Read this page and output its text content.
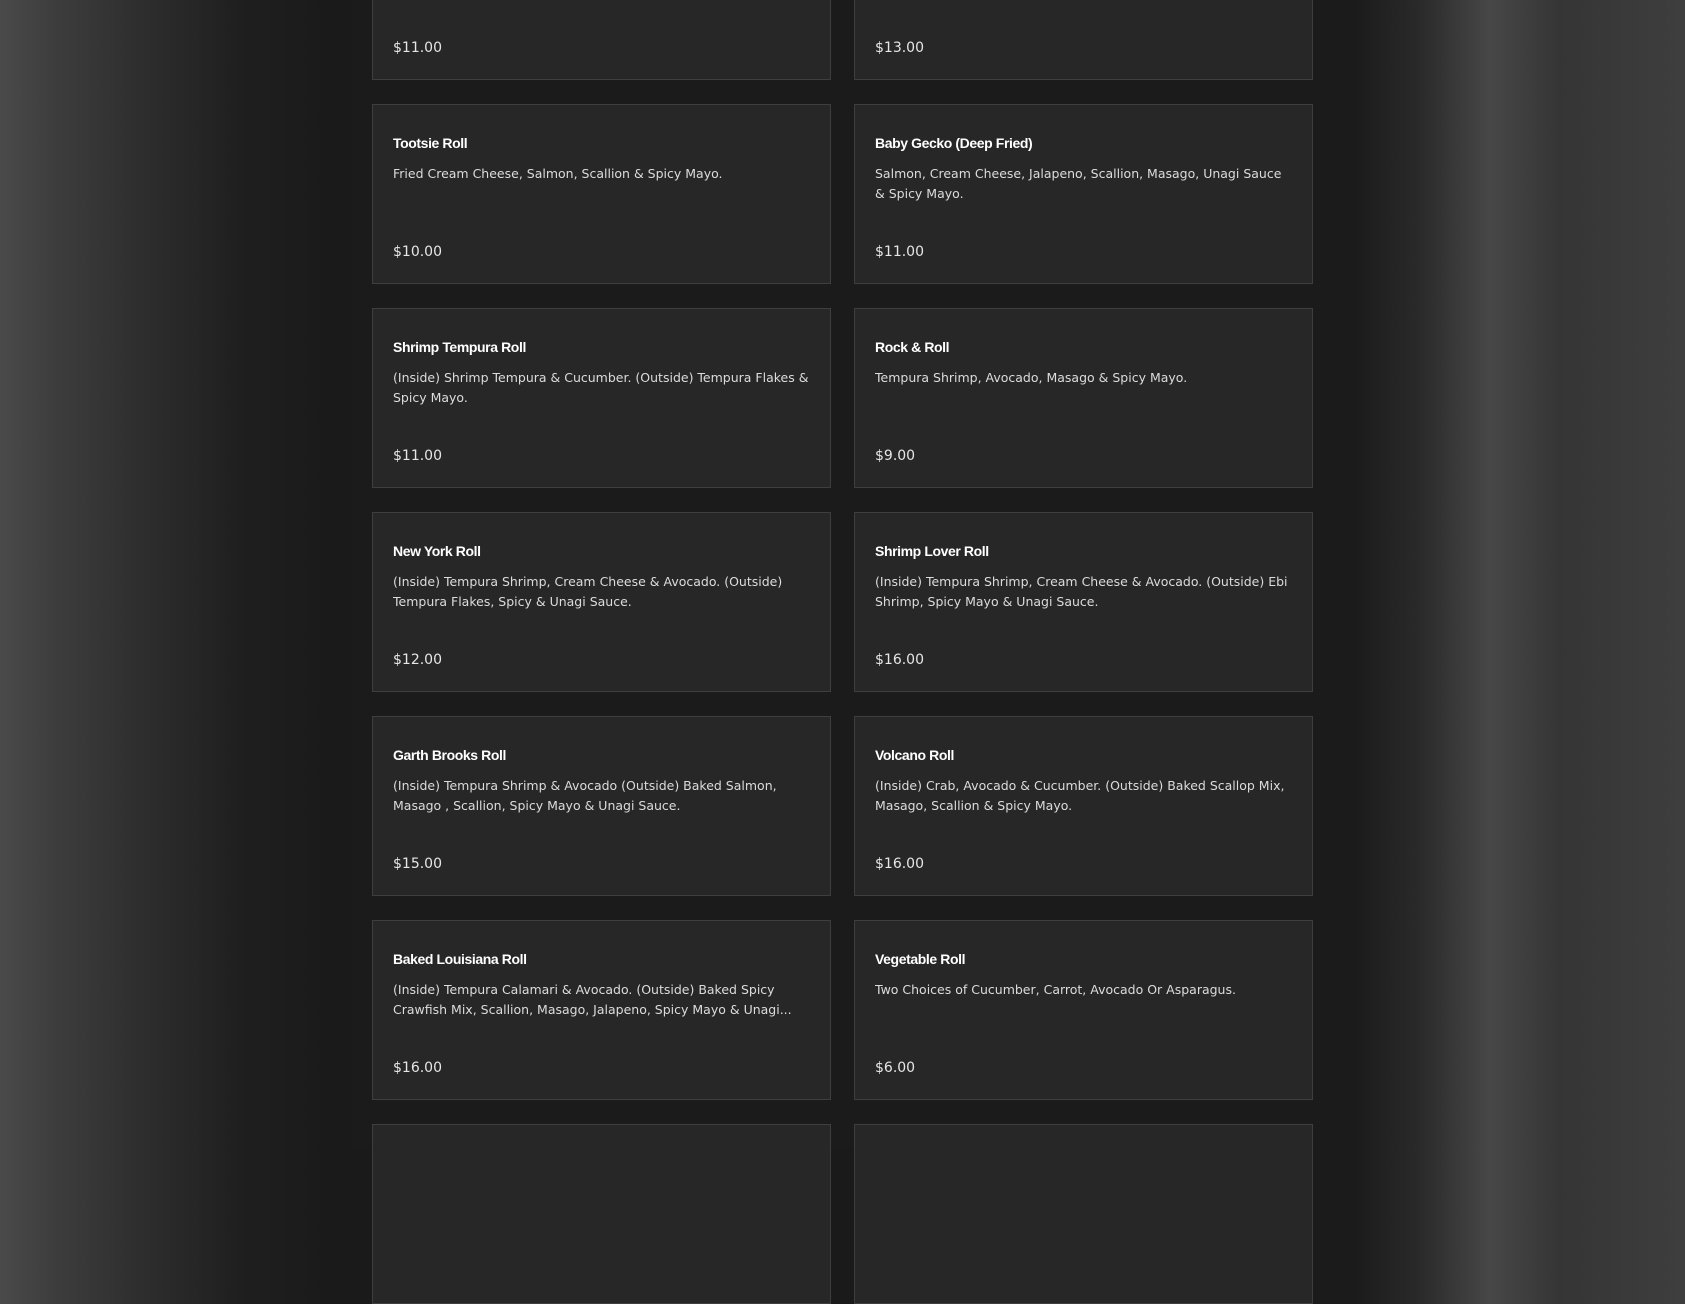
$11.00	$13.00
Tootsie Roll
Fried Cream Cheese, Salmon, Scallion & Spicy Mayo.
$10.00
Baby Gecko (Deep Fried)
Salmon, Cream Cheese, Jalapeno, Scallion, Masago, Unagi Sauce & Spicy Mayo.
$11.00
Shrimp Tempura Roll
(Inside) Shrimp Tempura & Cucumber. (Outside) Tempura Flakes & Spicy Mayo.
$11.00
Rock & Roll
Tempura Shrimp, Avocado, Masago & Spicy Mayo.
$9.00
New York Roll
(Inside) Tempura Shrimp, Cream Cheese & Avocado. (Outside) Tempura Flakes, Spicy & Unagi Sauce.
$12.00
Shrimp Lover Roll
(Inside) Tempura Shrimp, Cream Cheese & Avocado. (Outside) Ebi Shrimp, Spicy Mayo & Unagi Sauce.
$16.00
Garth Brooks Roll
(Inside) Tempura Shrimp & Avocado (Outside) Baked Salmon, Masago , Scallion, Spicy Mayo & Unagi Sauce.
$15.00
Volcano Roll
(Inside) Crab, Avocado & Cucumber. (Outside) Baked Scallop Mix, Masago, Scallion & Spicy Mayo.
$16.00
Baked Louisiana Roll
(Inside) Tempura Calamari & Avocado. (Outside) Baked Spicy Crawfish Mix, Scallion, Masago, Jalapeno, Spicy Mayo & Unagi...
$16.00
Vegetable Roll
Two Choices of Cucumber, Carrot, Avocado Or Asparagus.
$6.00
